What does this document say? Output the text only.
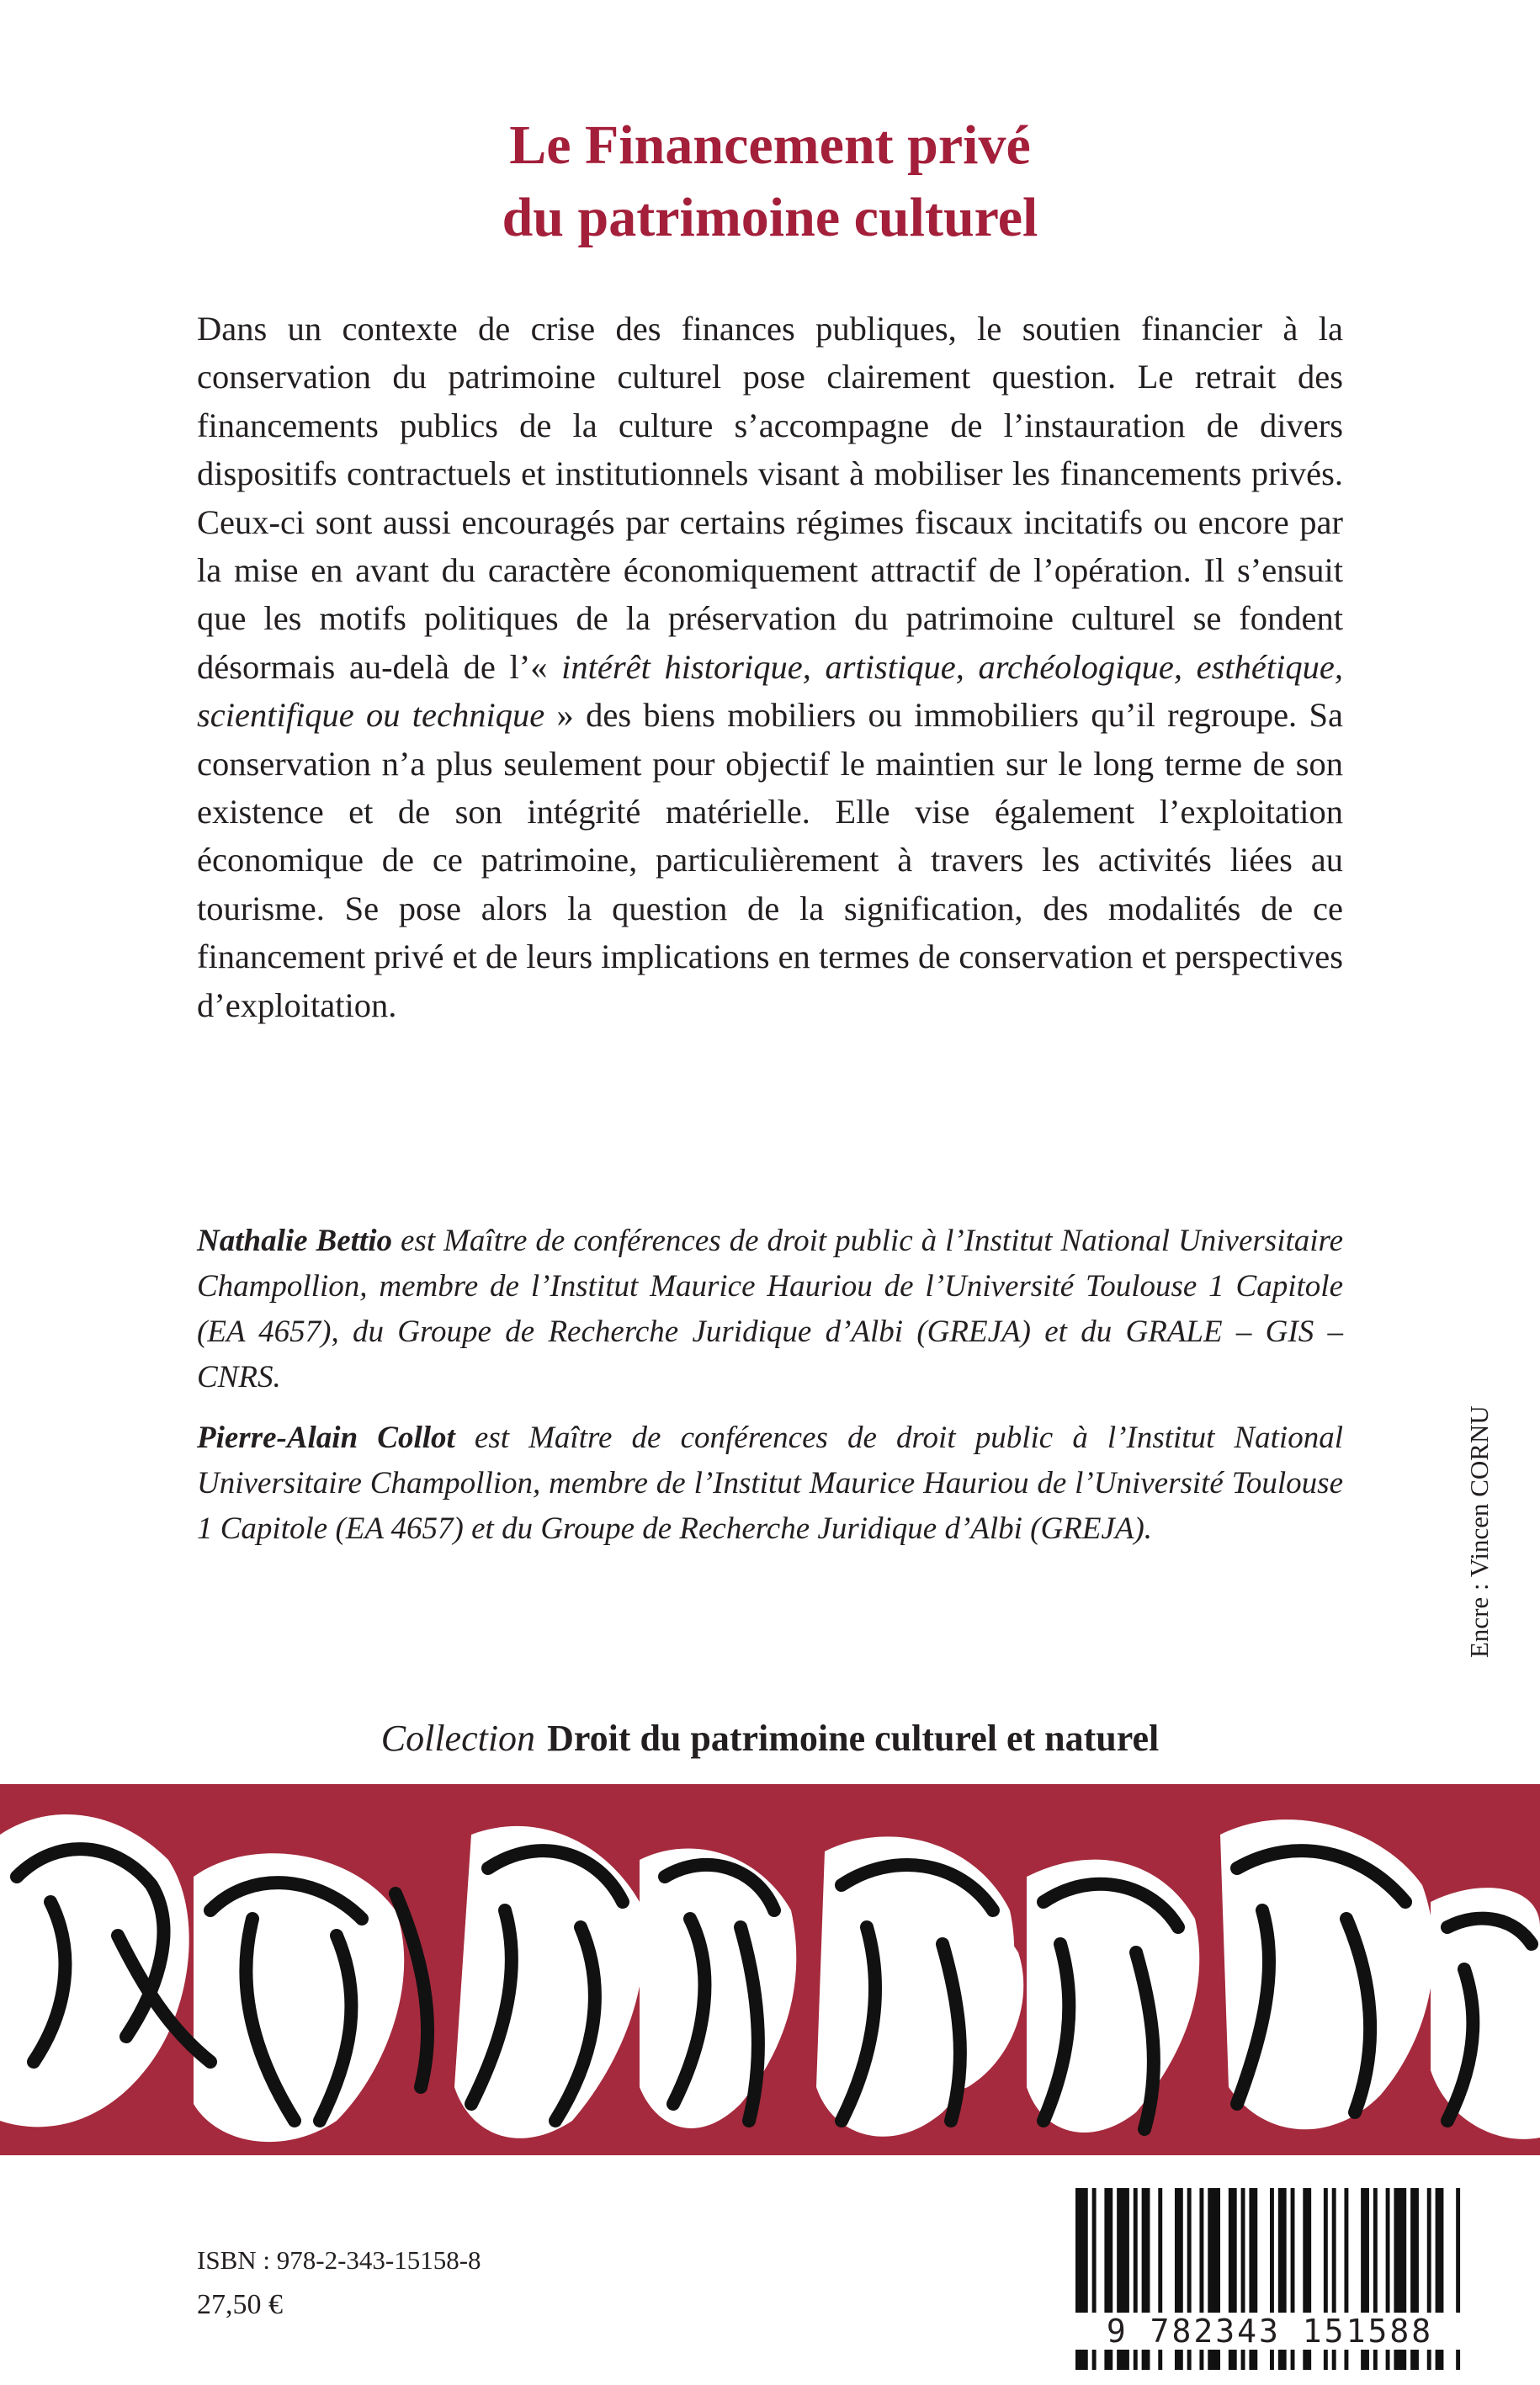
Le Financement privé
du patrimoine culturel

Dans un contexte de crise des finances publiques, le soutien financier à la conservation du patrimoine culturel pose clairement question. Le retrait des financements publics de la culture s’accompagne de l’instauration de divers dispositifs contractuels et institutionnels visant à mobiliser les financements privés. Ceux-ci sont aussi encouragés par certains régimes fiscaux incitatifs ou encore par la mise en avant du caractère économiquement attractif de l’opération. Il s’ensuit que les motifs politiques de la préservation du patrimoine culturel se fondent désormais au-delà de l’« intérêt historique, artistique, archéologique, esthétique, scientifique ou technique » des biens mobiliers ou immobiliers qu’il regroupe. Sa conservation n’a plus seulement pour objectif le maintien sur le long terme de son existence et de son intégrité matérielle. Elle vise également l’exploitation économique de ce patrimoine, particulièrement à travers les activités liées au tourisme. Se pose alors la question de la signification, des modalités de ce financement privé et de leurs implications en termes de conservation et perspectives d’exploitation.

Nathalie Bettio est Maître de conférences de droit public à l’Institut National Universitaire Champollion, membre de l’Institut Maurice Hauriou de l’Université Toulouse 1 Capitole (EA 4657), du Groupe de Recherche Juridique d’Albi (GREJA) et du GRALE – GIS – CNRS.

Pierre-Alain Collot est Maître de conférences de droit public à l’Institut National Universitaire Champollion, membre de l’Institut Maurice Hauriou de l’Université Toulouse 1 Capitole (EA 4657) et du Groupe de Recherche Juridique d’Albi (GREJA).	Encre : Vincen CORNU
Collection Droit du patrimoine culturel et naturel
ISBN : 978-2-343-15158-8
27,50 €
9 782343 151588
